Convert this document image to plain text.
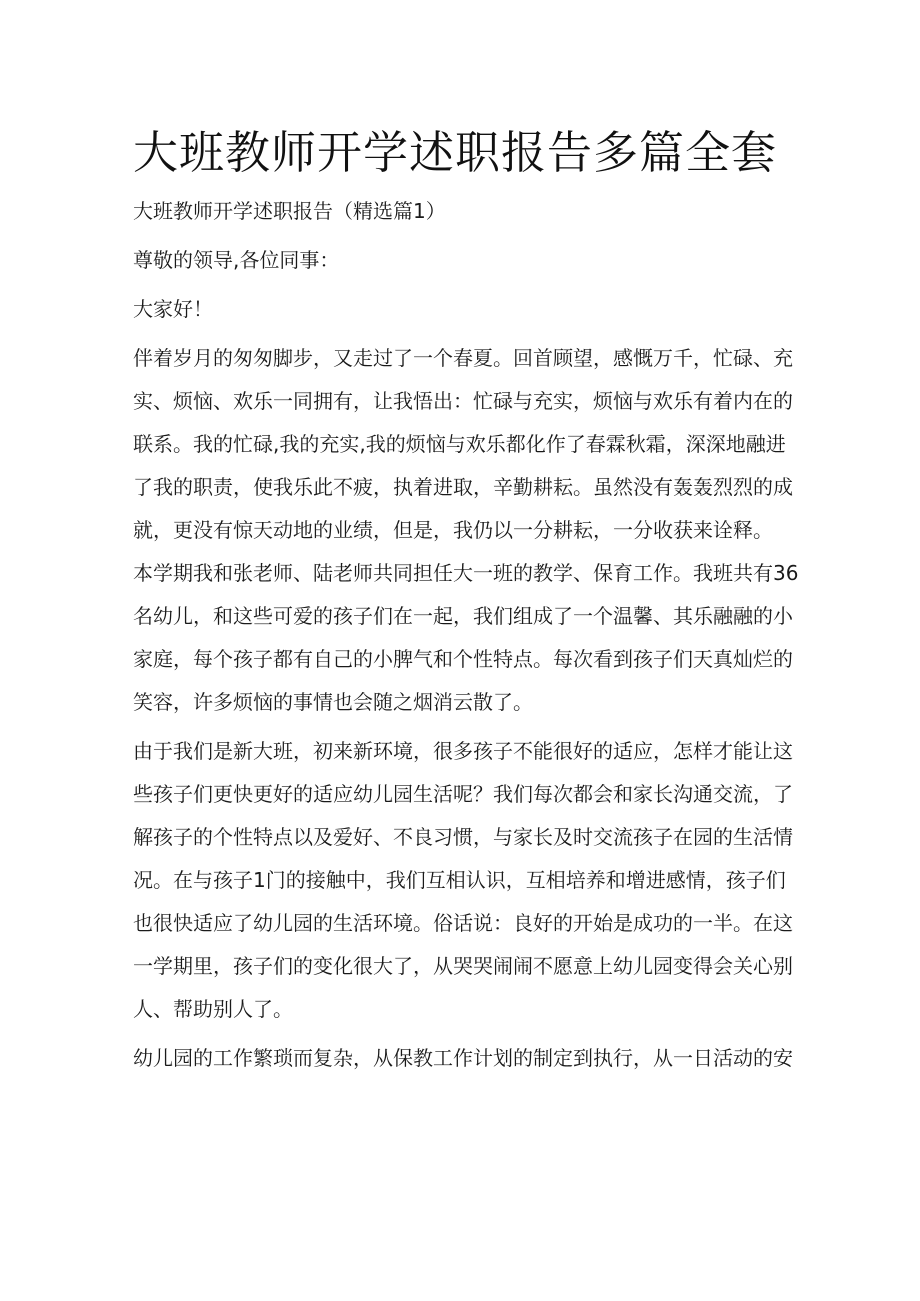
大班教师开学述职报告多篇全套
大班教师开学述职报告（精选篇1）
尊敬的领导,各位同事：
大家好！
伴着岁月的匆匆脚步，又走过了一个春夏。回首顾望，感慨万千，忙碌、充
实、烦恼、欢乐一同拥有，让我悟出：忙碌与充实，烦恼与欢乐有着内在的
联系。我的忙碌,我的充实,我的烦恼与欢乐都化作了春霖秋霜，深深地融进
了我的职责，使我乐此不疲，执着进取，辛勤耕耘。虽然没有轰轰烈烈的成
就，更没有惊天动地的业绩，但是，我仍以一分耕耘，一分收获来诠释。
本学期我和张老师、陆老师共同担任大一班的教学、保育工作。我班共有36
名幼儿，和这些可爱的孩子们在一起，我们组成了一个温馨、其乐融融的小
家庭，每个孩子都有自己的小脾气和个性特点。每次看到孩子们天真灿烂的
笑容，许多烦恼的事情也会随之烟消云散了。
由于我们是新大班，初来新环境，很多孩子不能很好的适应，怎样才能让这
些孩子们更快更好的适应幼儿园生活呢？我们每次都会和家长沟通交流，了
解孩子的个性特点以及爱好、不良习惯，与家长及时交流孩子在园的生活情
况。在与孩子1门的接触中，我们互相认识，互相培养和增进感情，孩子们
也很快适应了幼儿园的生活环境。俗话说：良好的开始是成功的一半。在这
一学期里，孩子们的变化很大了，从哭哭闹闹不愿意上幼儿园变得会关心别
人、帮助别人了。
幼儿园的工作繁琐而复杂，从保教工作计划的制定到执行，从一日活动的安
